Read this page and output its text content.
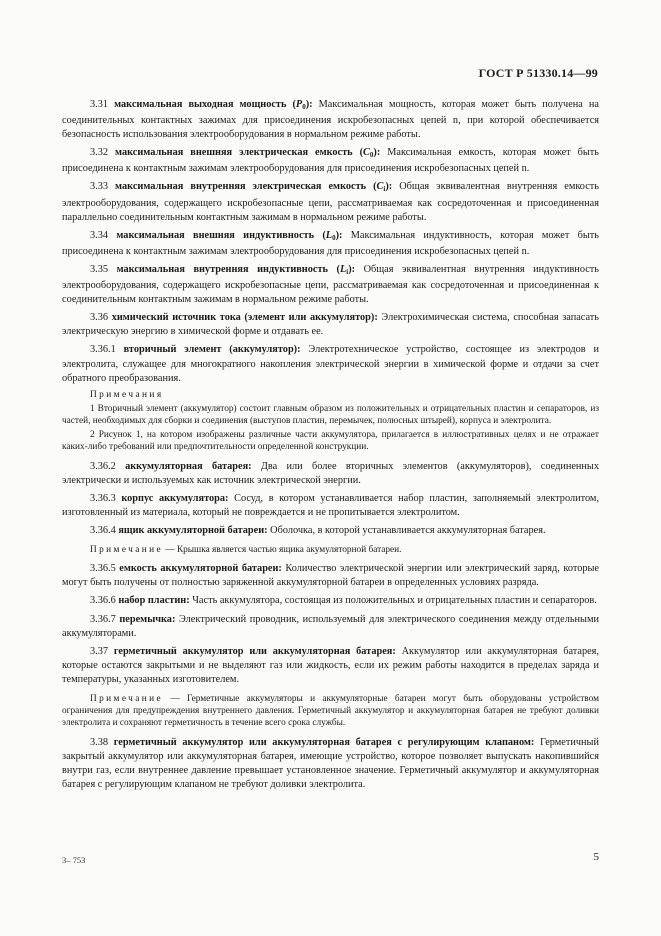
ГОСТ Р 51330.14—99

3.31 максимальная выходная мощность $(P_0)$: Максимальная мощность, которая может быть получена на соединительных контактных зажимах для присоединения искробезопасных цепей n, при которой обеспечивается безопасность использования электрооборудования в нормальном режиме работы.

3.32 максимальная внешняя электрическая емкость $(C_0)$: Максимальная емкость, которая может быть присоединена к контактным зажимам электрооборудования для присоединения искробезопасных цепей n.

3.33 максимальная внутренняя электрическая емкость $(C_i)$: Общая эквивалентная внутренняя емкость электрооборудования, содержащего искробезопасные цепи, рассматриваемая как сосредоточенная и присоединенная параллельно соединительным контактным зажимам в нормальном режиме работы.

3.34 максимальная внешняя индуктивность $(L_0)$: Максимальная индуктивность, которая может быть присоединена к контактным зажимам электрооборудования для присоединения искробезопасных цепей n.

3.35 максимальная внутренняя индуктивность $(L_i)$: Общая эквивалентная внутренняя индуктивность электрооборудования, содержащего искробезопасные цепи, рассматриваемая как сосредоточенная и присоединенная к соединительным контактным зажимам в нормальном режиме работы.

3.36 химический источник тока (элемент или аккумулятор): Электрохимическая система, способная запасать электрическую энергию в химической форме и отдавать ее.

3.36.1 вторичный элемент (аккумулятор): Электротехническое устройство, состоящее из электродов и электролита, служащее для многократного накопления электрической энергии в химической форме и отдачи за счет обратного преобразования.

Примечания

1 Вторичный элемент (аккумулятор) состоит главным образом из положительных и отрицательных пластин и сепараторов, из частей, необходимых для сборки и соединения (выступов пластин, перемычек, полюсных штырей), корпуса и электролита.

2 Рисунок 1, на котором изображены различные части аккумулятора, прилагается в иллюстративных целях и не отражает каких-либо требований или предпочтительности определенной конструкции.

3.36.2 аккумуляторная батарея: Два или более вторичных элементов (аккумуляторов), соединенных электрически и используемых как источник электрической энергии.

3.36.3 корпус аккумулятора: Сосуд, в котором устанавливается набор пластин, заполняемый электролитом, изготовленный из материала, который не повреждается и не пропитывается электролитом.

3.36.4 ящик аккумуляторной батареи: Оболочка, в которой устанавливается аккумуляторная батарея.

Примечание — Крышка является частью ящика акумуляторной батареи.

3.36.5 емкость аккумуляторной батареи: Количество электрической энергии или электрический заряд, которые могут быть получены от полностью заряженной аккумуляторной батареи в определенных условиях разряда.

3.36.6 набор пластин: Часть аккумулятора, состоящая из положительных и отрицательных пластин и сепараторов.

3.36.7 перемычка: Электрический проводник, используемый для электрического соединения между отдельными аккумуляторами.

3.37 герметичный аккумулятор или аккумуляторная батарея: Аккумулятор или аккумуляторная батарея, которые остаются закрытыми и не выделяют газ или жидкость, если их режим работы находится в пределах заряда и температуры, указанных изготовителем.

Примечание — Герметичные аккумуляторы и аккумуляторные батареи могут быть оборудованы устройством ограничения для предупреждения внутреннего давления. Герметичный аккумулятор и аккумуляторная батарея не требуют доливки электролита и сохраняют герметичность в течение всего срока службы.

3.38 герметичный аккумулятор или аккумуляторная батарея с регулирующим клапаном: Герметичный закрытый аккумулятор или аккумуляторная батарея, имеющие устройство, которое позволяет выпускать накопившийся внутри газ, если внутреннее давление превышает установленное значение. Герметичный аккумулятор и аккумуляторная батарея с регулирующим клапаном не требуют доливки электролита.

3– 753	5
